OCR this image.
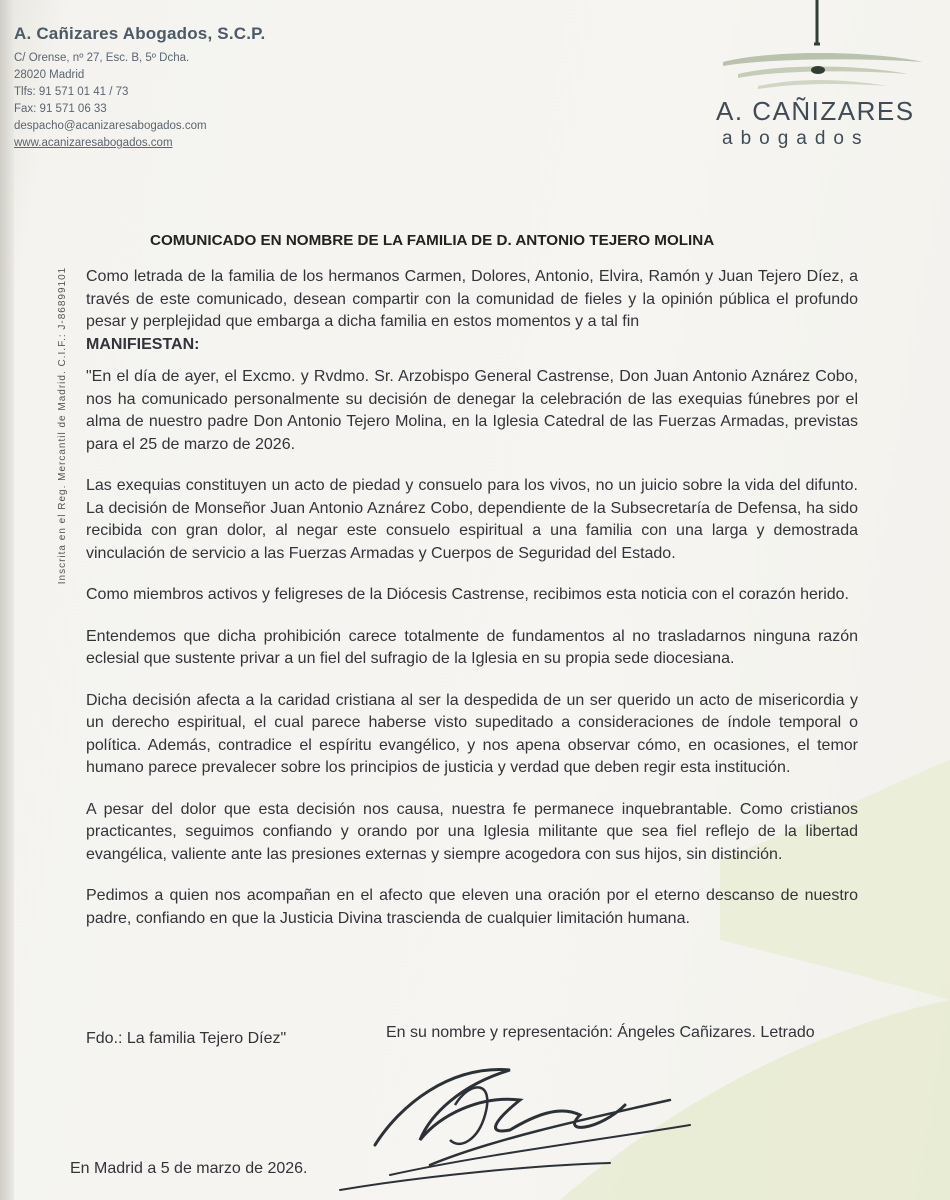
Inscrita en el Reg. Mercantil de Madrid. C.I.F.: J-86899101
A. Cañizares Abogados, S.C.P.
C/ Orense, nº 27, Esc. B, 5º Dcha.
28020 Madrid
Tlfs: 91 571 01 41 / 73
Fax: 91 571 06 33
despacho@acanizaresabogados.com
www.acanizaresabogados.com
A. CAÑIZARES
abogados
COMUNICADO EN NOMBRE DE LA FAMILIA DE D. ANTONIO TEJERO MOLINA

Como letrada de la familia de los hermanos Carmen, Dolores, Antonio, Elvira, Ramón y Juan Tejero Díez, a través de este comunicado, desean compartir con la comunidad de fieles y la opinión pública el profundo pesar y perplejidad que embarga a dicha familia en estos momentos y a tal fin
MANIFIESTAN:

"En el día de ayer, el Excmo. y Rvdmo. Sr. Arzobispo General Castrense, Don Juan Antonio Aznárez Cobo, nos ha comunicado personalmente su decisión de denegar la celebración de las exequias fúnebres por el alma de nuestro padre Don Antonio Tejero Molina, en la Iglesia Catedral de las Fuerzas Armadas, previstas para el 25 de marzo de 2026.

Las exequias constituyen un acto de piedad y consuelo para los vivos, no un juicio sobre la vida del difunto. La decisión de Monseñor Juan Antonio Aznárez Cobo, dependiente de la Subsecretaría de Defensa, ha sido recibida con gran dolor, al negar este consuelo espiritual a una familia con una larga y demostrada vinculación de servicio a las Fuerzas Armadas y Cuerpos de Seguridad del Estado.

Como miembros activos y feligreses de la Diócesis Castrense, recibimos esta noticia con el corazón herido.

Entendemos que dicha prohibición carece totalmente de fundamentos al no trasladarnos ninguna razón eclesial que sustente privar a un fiel del sufragio de la Iglesia en su propia sede diocesiana.

Dicha decisión afecta a la caridad cristiana al ser la despedida de un ser querido un acto de misericordia y un derecho espiritual, el cual parece haberse visto supeditado a consideraciones de índole temporal o política. Además, contradice el espíritu evangélico, y nos apena observar cómo, en ocasiones, el temor humano parece prevalecer sobre los principios de justicia y verdad que deben regir esta institución.

A pesar del dolor que esta decisión nos causa, nuestra fe permanece inquebrantable. Como cristianos practicantes, seguimos confiando y orando por una Iglesia militante que sea fiel reflejo de la libertad evangélica, valiente ante las presiones externas y siempre acogedora con sus hijos, sin distinción.

Pedimos a quien nos acompañan en el afecto que eleven una oración por el eterno descanso de nuestro padre, confiando en que la Justicia Divina trascienda de cualquier limitación humana.

Fdo.: La familia Tejero Díez"	En su nombre y representación: Ángeles Cañizares. Letrado
En Madrid a 5 de marzo de 2026.
